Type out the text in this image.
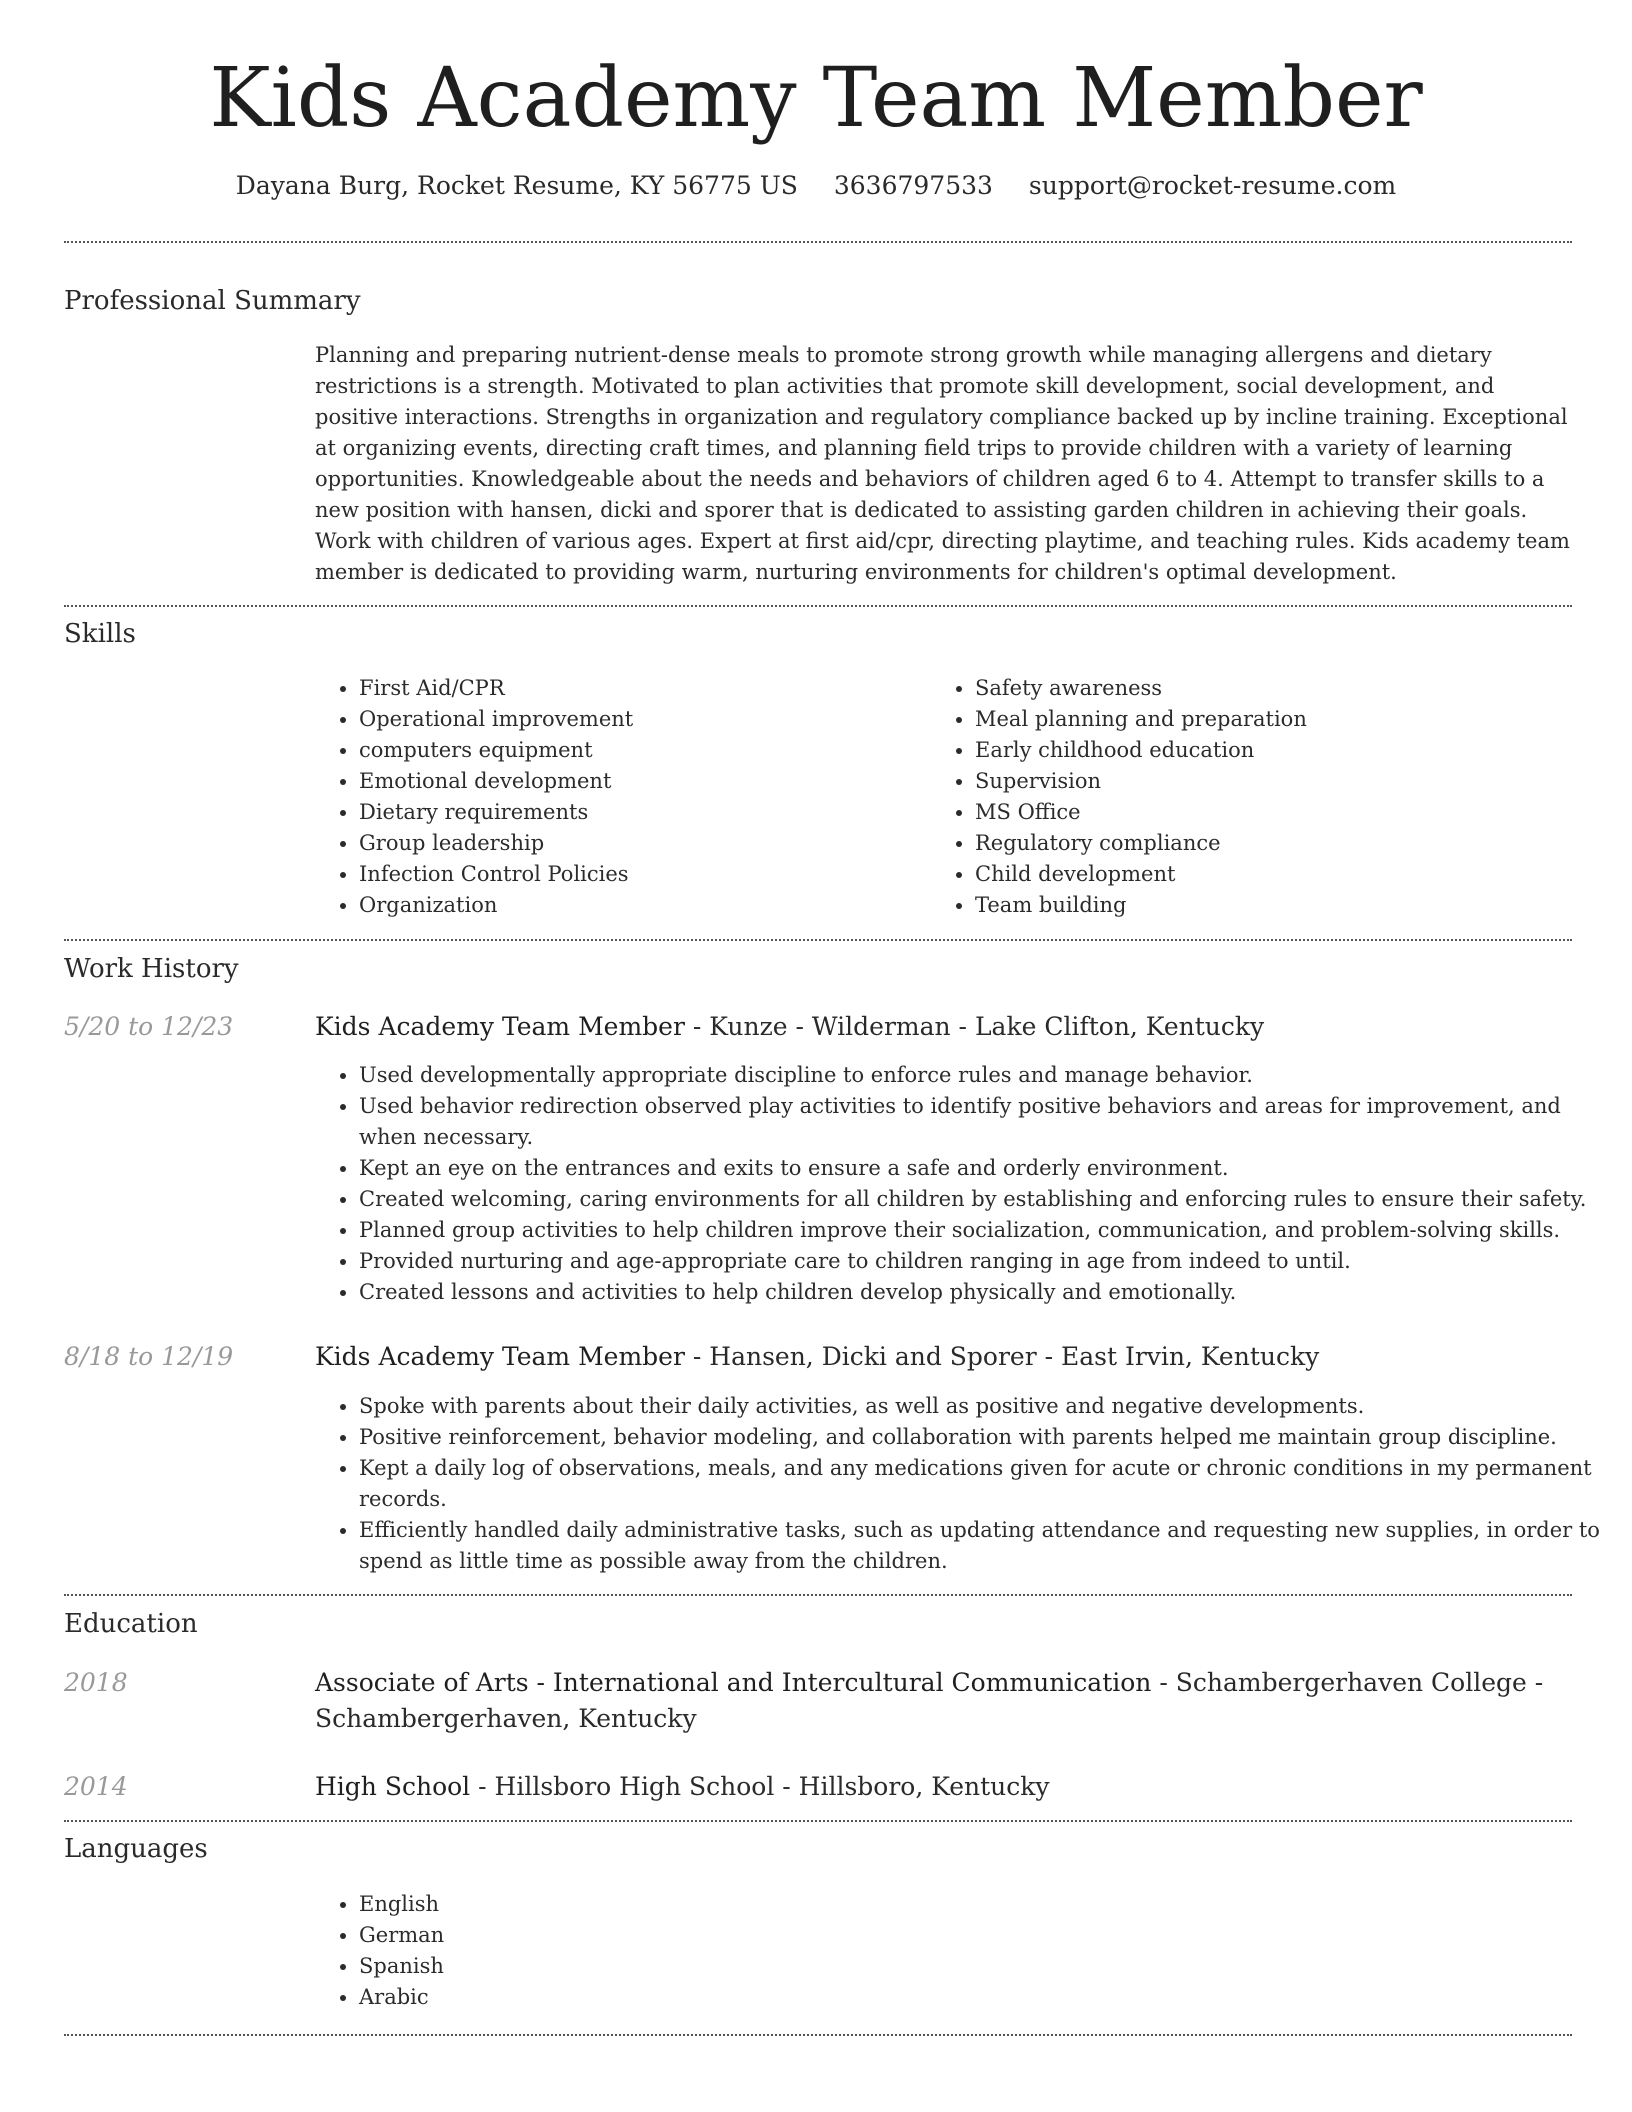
Kids Academy Team Member
Dayana Burg, Rocket Resume, KY 56775 US 3636797533 support@rocket-resume.com
Professional Summary

Planning and preparing nutrient-dense meals to promote strong growth while managing allergens and dietary restrictions is a strength. Motivated to plan activities that promote skill development, social development, and positive interactions. Strengths in organization and regulatory compliance backed up by incline training. Exceptional at organizing events, directing craft times, and planning field trips to provide children with a variety of learning opportunities. Knowledgeable about the needs and behaviors of children aged 6 to 4. Attempt to transfer skills to a new position with hansen, dicki and sporer that is dedicated to assisting garden children in achieving their goals. Work with children of various ages. Expert at first aid/cpr, directing playtime, and teaching rules. Kids academy team member is dedicated to providing warm, nurturing environments for children's optimal development.

Skills
• First Aid/CPR
• Operational improvement
• computers equipment
• Emotional development
• Dietary requirements
• Group leadership
• Infection Control Policies
• Organization
• Safety awareness
• Meal planning and preparation
• Early childhood education
• Supervision
• MS Office
• Regulatory compliance
• Child development
• Team building
Work History
5/20 to 12/23	Kids Academy Team Member - Kunze - Wilderman - Lake Clifton, Kentucky

• Used developmentally appropriate discipline to enforce rules and manage behavior.
• Used behavior redirection observed play activities to identify positive behaviors and areas for improvement, and when necessary.
• Kept an eye on the entrances and exits to ensure a safe and orderly environment.
• Created welcoming, caring environments for all children by establishing and enforcing rules to ensure their safety.
• Planned group activities to help children improve their socialization, communication, and problem-solving skills.
• Provided nurturing and age-appropriate care to children ranging in age from indeed to until.
• Created lessons and activities to help children develop physically and emotionally.
8/18 to 12/19	Kids Academy Team Member - Hansen, Dicki and Sporer - East Irvin, Kentucky

• Spoke with parents about their daily activities, as well as positive and negative developments.
• Positive reinforcement, behavior modeling, and collaboration with parents helped me maintain group discipline.
• Kept a daily log of observations, meals, and any medications given for acute or chronic conditions in my permanent records.
• Efficiently handled daily administrative tasks, such as updating attendance and requesting new supplies, in order to spend as little time as possible away from the children.
Education
2018	Associate of Arts - International and Intercultural Communication - Schambergerhaven College - Schambergerhaven, Kentucky

2014	High School - Hillsboro High School - Hillsboro, Kentucky

Languages
• English
• German
• Spanish
• Arabic
